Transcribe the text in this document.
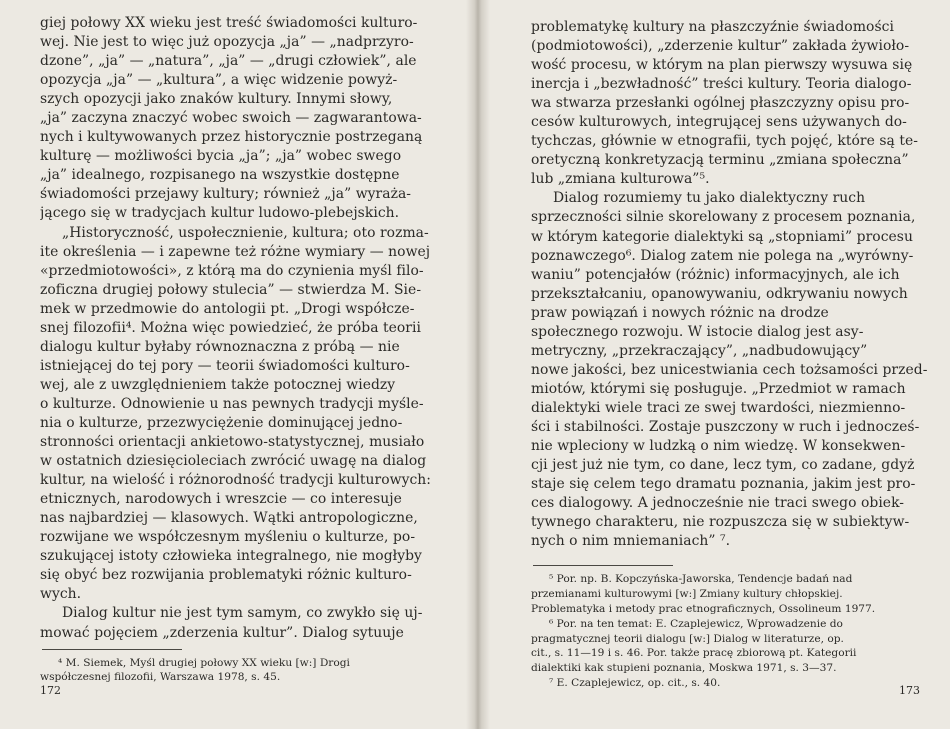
giej połowy XX wieku jest treść świadomości kulturo-
wej. Nie jest to więc już opozycja „ja” — „nadprzyro-
dzone”, „ja” — „natura”, „ja” — „drugi człowiek”, ale
opozycja „ja” — „kultura”, a więc widzenie powyż-
szych opozycji jako znaków kultury. Innymi słowy,
„ja” zaczyna znaczyć wobec swoich — zagwarantowa-
nych i kultywowanych przez historycznie postrzeganą
kulturę — możliwości bycia „ja”; „ja” wobec swego
„ja” idealnego, rozpisanego na wszystkie dostępne
świadomości przejawy kultury; również „ja” wyraża-
jącego się w tradycjach kultur ludowo-plebejskich.
„Historyczność, uspołecznienie, kultura; oto rozma-
ite określenia — i zapewne też różne wymiary — nowej
«przedmiotowości», z którą ma do czynienia myśl filo-
zoficzna drugiej połowy stulecia” — stwierdza M. Sie-
mek w przedmowie do antologii pt. „Drogi współcze-
snej filozofii⁴. Można więc powiedzieć, że próba teorii
dialogu kultur byłaby równoznaczna z próbą — nie
istniejącej do tej pory — teorii świadomości kulturo-
wej, ale z uwzględnieniem także potocznej wiedzy
o kulturze. Odnowienie u nas pewnych tradycji myśle-
nia o kulturze, przezwyciężenie dominującej jedno-
stronności orientacji ankietowo-statystycznej, musiało
w ostatnich dziesięcioleciach zwrócić uwagę na dialog
kultur, na wielość i różnorodność tradycji kulturowych:
etnicznych, narodowych i wreszcie — co interesuje
nas najbardziej — klasowych. Wątki antropologiczne,
rozwijane we współczesnym myśleniu o kulturze, po-
szukującej istoty człowieka integralnego, nie mogłyby
się obyć bez rozwijania problematyki różnic kulturo-
wych.
Dialog kultur nie jest tym samym, co zwykło się uj-
mować pojęciem „zderzenia kultur”. Dialog sytuuje
⁴ M. Siemek, Myśl drugiej połowy XX wieku [w:] Drogi
współczesnej filozofii, Warszawa 1978, s. 45.
172
problematykę kultury na płaszczyźnie świadomości
(podmiotowości), „zderzenie kultur” zakłada żywioło-
wość procesu, w którym na plan pierwszy wysuwa się
inercja i „bezwładność” treści kultury. Teoria dialogo-
wa stwarza przesłanki ogólnej płaszczyzny opisu pro-
cesów kulturowych, integrującej sens używanych do-
tychczas, głównie w etnografii, tych pojęć, które są te-
oretyczną konkretyzacją terminu „zmiana społeczna”
lub „zmiana kulturowa”⁵.
Dialog rozumiemy tu jako dialektyczny ruch
sprzeczności silnie skorelowany z procesem poznania,
w którym kategorie dialektyki są „stopniami” procesu
poznawczego⁶. Dialog zatem nie polega na „wyrówny-
waniu” potencjałów (różnic) informacyjnych, ale ich
przekształcaniu, opanowywaniu, odkrywaniu nowych
praw powiązań i nowych różnic na drodze
społecznego rozwoju. W istocie dialog jest asy-
metryczny, „przekraczający”, „nadbudowujący”
nowe jakości, bez unicestwiania cech tożsamości przed-
miotów, którymi się posługuje. „Przedmiot w ramach
dialektyki wiele traci ze swej twardości, niezmienno-
ści i stabilności. Zostaje puszczony w ruch i jednocześ-
nie wpleciony w ludzką o nim wiedzę. W konsekwen-
cji jest już nie tym, co dane, lecz tym, co zadane, gdyż
staje się celem tego dramatu poznania, jakim jest pro-
ces dialogowy. A jednocześnie nie traci swego obiek-
tywnego charakteru, nie rozpuszcza się w subiektyw-
nych o nim mniemaniach” ⁷.
⁵ Por. np. B. Kopczyńska-Jaworska, Tendencje badań nad
przemianami kulturowymi [w:] Zmiany kultury chłopskiej.
Problematyka i metody prac etnograficznych, Ossolineum 1977.
⁶ Por. na ten temat: E. Czaplejewicz, Wprowadzenie do
pragmatycznej teorii dialogu [w:] Dialog w literaturze, op.
cit., s. 11—19 i s. 46. Por. także pracę zbiorową pt. Kategorii
dialektiki kak stupieni poznania, Moskwa 1971, s. 3—37.
⁷ E. Czaplejewicz, op. cit., s. 40.
173
